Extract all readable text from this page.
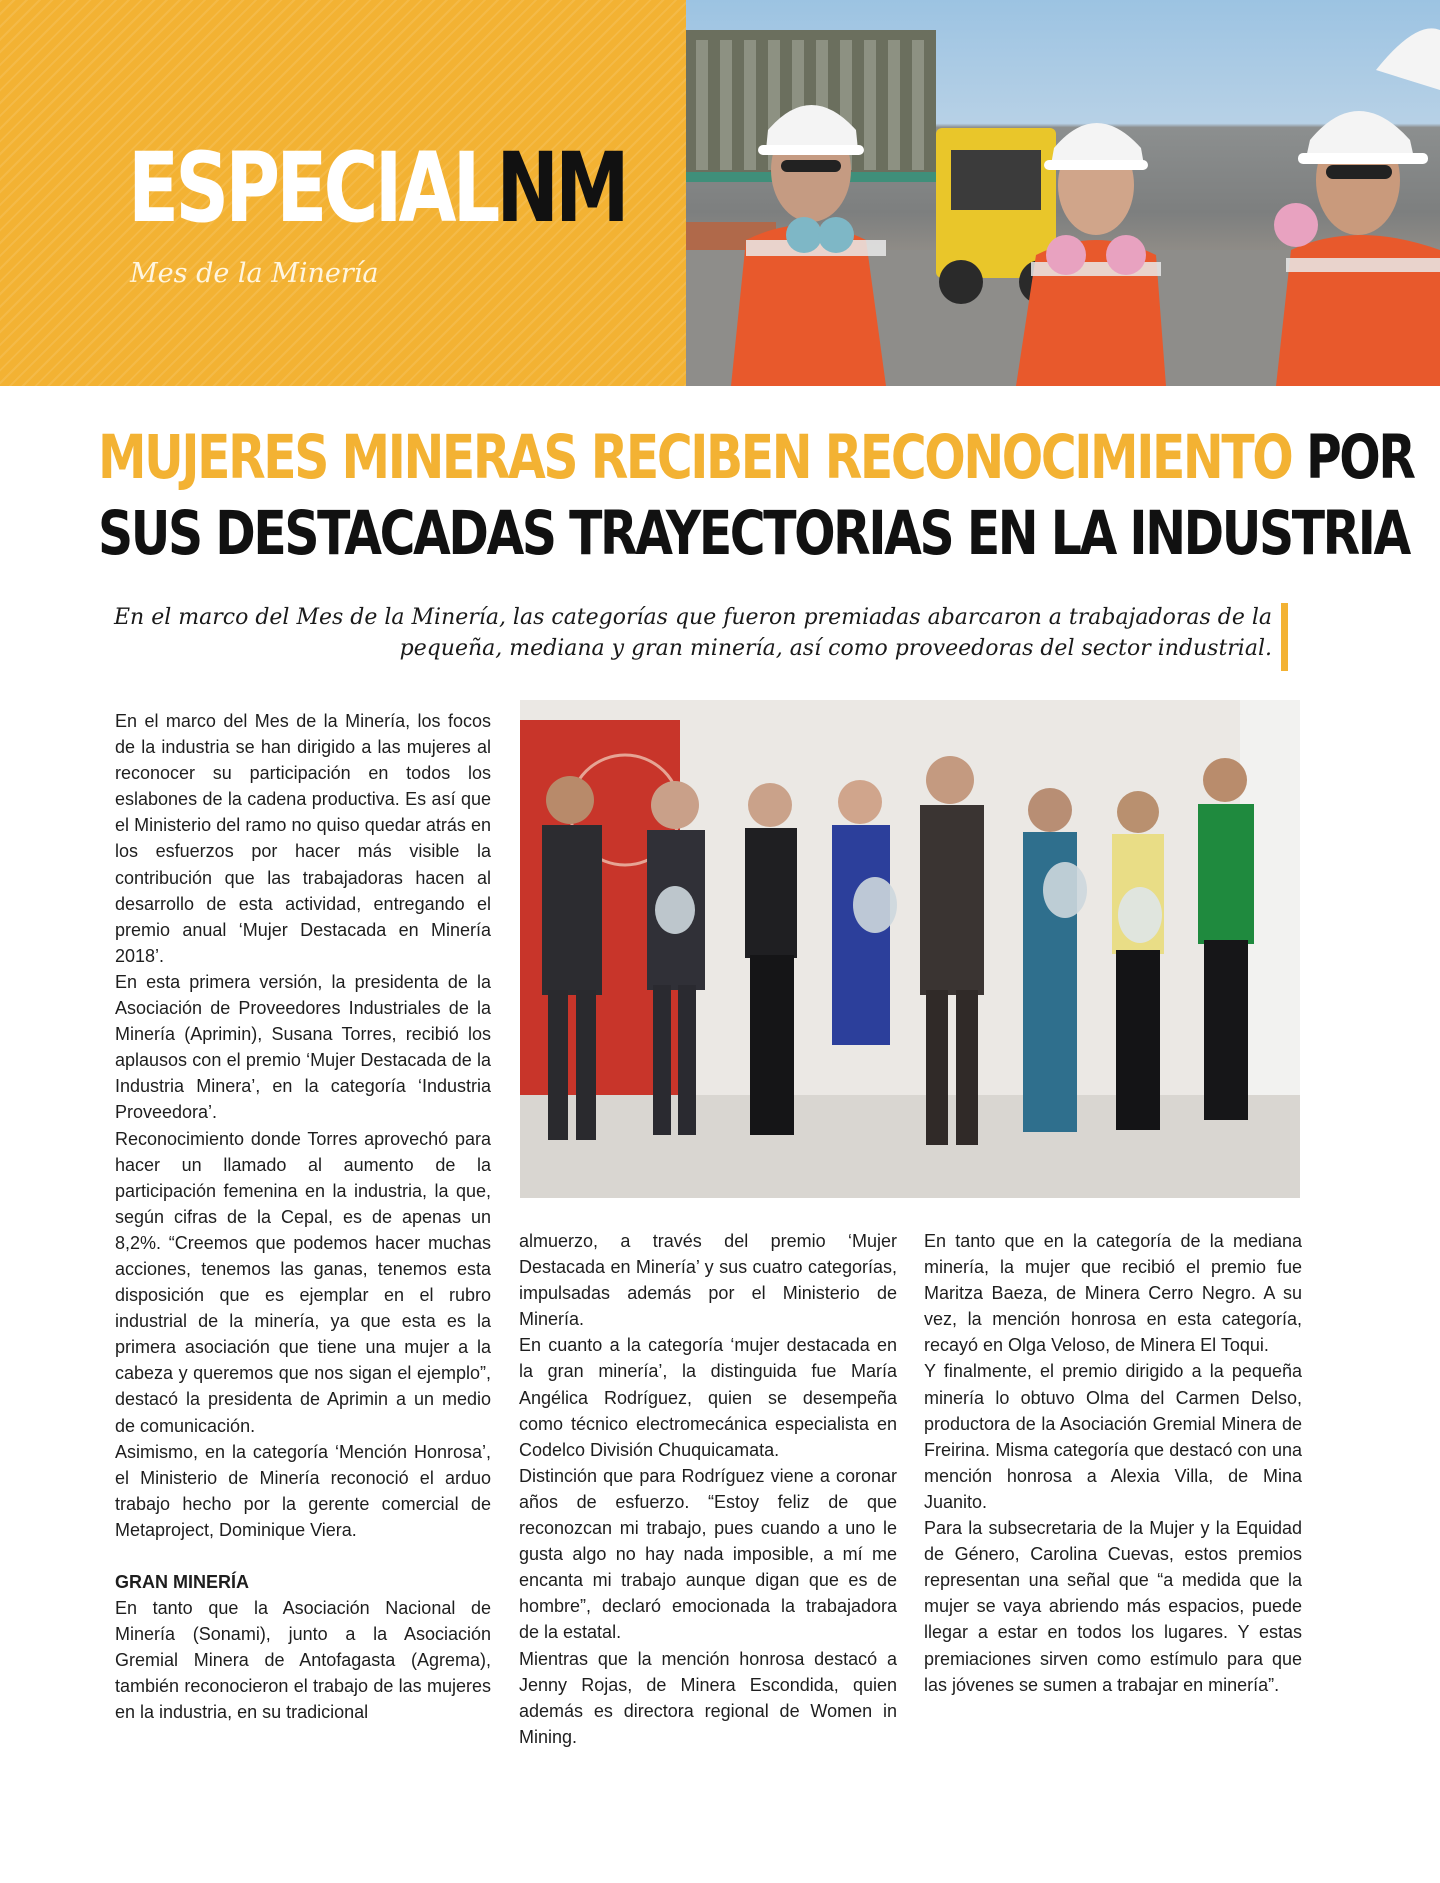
ESPECIALNM
Mes de la Minería
MUJERES MINERAS RECIBEN RECONOCIMIENTO POR
SUS DESTACADAS TRAYECTORIAS EN LA INDUSTRIA
En el marco del Mes de la Minería, las categorías que fueron premiadas abarcaron a trabajadoras de la
pequeña, mediana y gran minería, así como proveedoras del sector industrial.

En el marco del Mes de la Minería, los focos de la industria se han dirigido a las mujeres al reconocer su participación en todos los eslabones de la cadena productiva. Es así que el Ministerio del ramo no quiso quedar atrás en los esfuerzos por hacer más visible la contribución que las trabajadoras hacen al desarrollo de esta actividad, entregando el premio anual ‘Mujer Destacada en Minería 2018’.

En esta primera versión, la presidenta de la Asociación de Proveedores Industriales de la Minería (Aprimin), Susana Torres, recibió los aplausos con el premio ‘Mujer Destacada de la Industria Minera’, en la categoría ‘Industria Proveedora’.

Reconocimiento donde Torres aprovechó para hacer un llamado al aumento de la participación femenina en la industria, la que, según cifras de la Cepal, es de apenas un 8,2%. “Creemos que podemos hacer muchas acciones, tenemos las ganas, tenemos esta disposición que es ejemplar en el rubro industrial de la minería, ya que esta es la primera asociación que tiene una mujer a la cabeza y queremos que nos sigan el ejemplo”, destacó la presidenta de Aprimin a un medio de comunicación.

Asimismo, en la categoría ‘Mención Honrosa’, el Ministerio de Minería reconoció el arduo trabajo hecho por la gerente comercial de Metaproject, Dominique Viera.

GRAN MINERÍA

En tanto que la Asociación Nacional de Minería (Sonami), junto a la Asociación Gremial Minera de Antofagasta (Agrema), también reconocieron el trabajo de las mujeres en la industria, en su tradicional

almuerzo, a través del premio ‘Mujer Destacada en Minería’ y sus cuatro categorías, impulsadas además por el Ministerio de Minería.

En cuanto a la categoría ‘mujer destacada en la gran minería’, la distinguida fue María Angélica Rodríguez, quien se desempeña como técnico electromecánica especialista en Codelco División Chuquicamata.

Distinción que para Rodríguez viene a coronar años de esfuerzo. “Estoy feliz de que reconozcan mi trabajo, pues cuando a uno le gusta algo no hay nada imposible, a mí me encanta mi trabajo aunque digan que es de hombre”, declaró emocionada la trabajadora de la estatal.

Mientras que la mención honrosa destacó a Jenny Rojas, de Minera Escondida, quien además es directora regional de Women in Mining.

En tanto que en la categoría de la mediana minería, la mujer que recibió el premio fue Maritza Baeza, de Minera Cerro Negro. A su vez, la mención honrosa en esta categoría, recayó en Olga Veloso, de Minera El Toqui.

Y finalmente, el premio dirigido a la pequeña minería lo obtuvo Olma del Carmen Delso, productora de la Asociación Gremial Minera de Freirina. Misma categoría que destacó con una mención honrosa a Alexia Villa, de Mina Juanito.

Para la subsecretaria de la Mujer y la Equidad de Género, Carolina Cuevas, estos premios representan una señal que “a medida que la mujer se vaya abriendo más espacios, puede llegar a estar en todos los lugares. Y estas premiaciones sirven como estímulo para que las jóvenes se sumen a trabajar en minería”.
